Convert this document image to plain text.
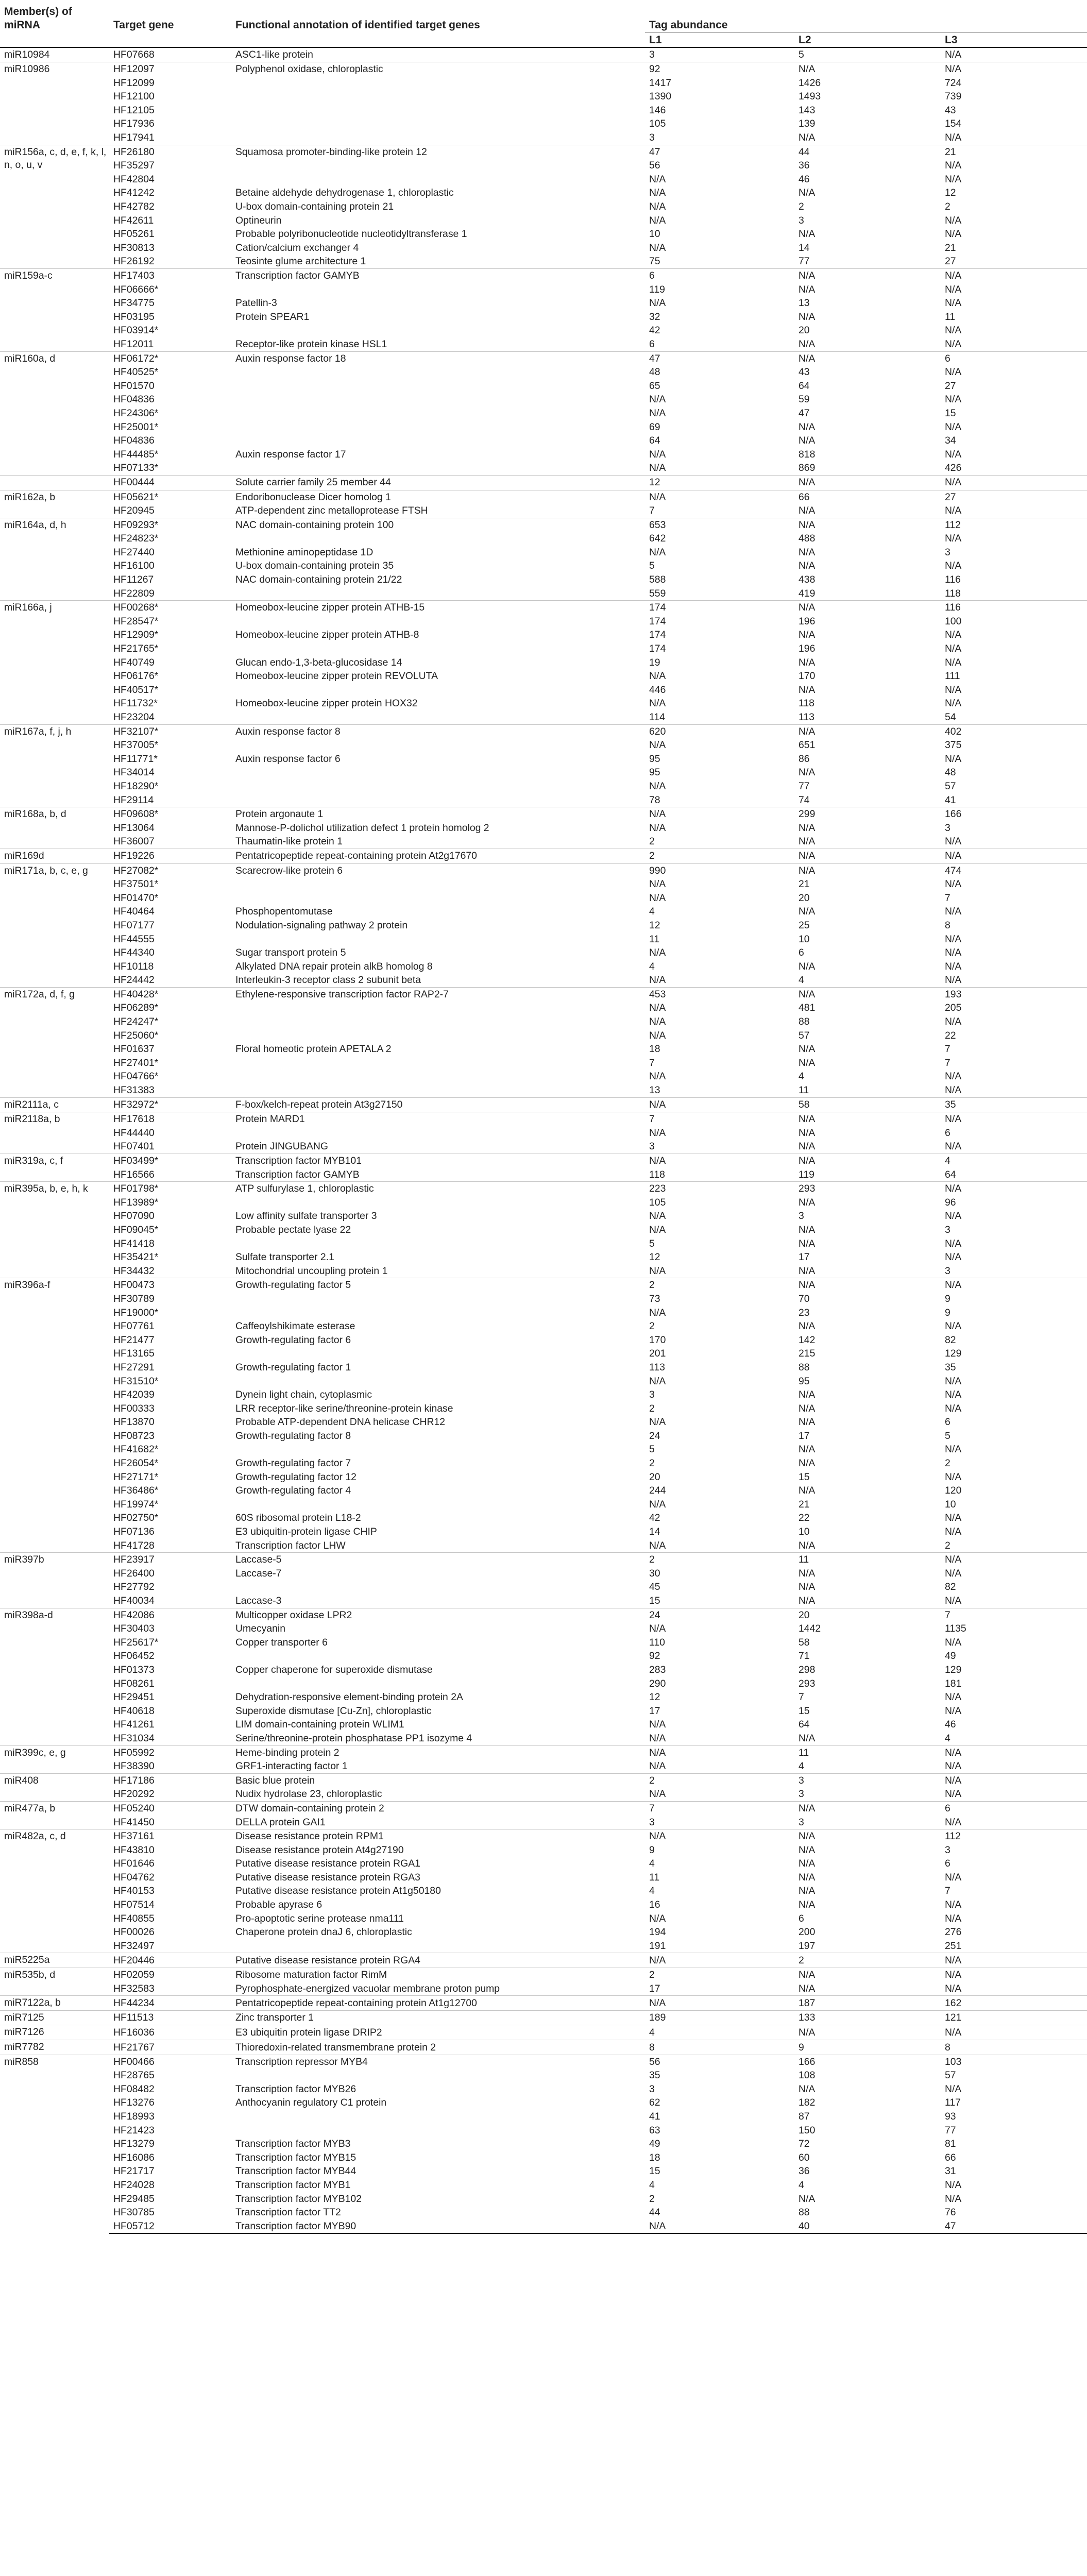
Member(s) of miRNA	Target gene	Functional annotation of identified target genes	Tag abundance		
			L1	L2	L3
miR10984	HF07668	ASC1-like protein	3	5	N/A
miR10986	HF12097	Polyphenol oxidase, chloroplastic	92	N/A	N/A
	HF12099		1417	1426	724
	HF12100		1390	1493	739
	HF12105		146	143	43
	HF17936		105	139	154
	HF17941		3	N/A	N/A
miR156a, c, d, e, f, k, l, n, o, u, v	HF26180	Squamosa promoter-binding-like protein 12	47	44	21
	HF35297		56	36	N/A
	HF42804		N/A	46	N/A
	HF41242	Betaine aldehyde dehydrogenase 1, chloroplastic	N/A	N/A	12
	HF42782	U-box domain-containing protein 21	N/A	2	2
	HF42611	Optineurin	N/A	3	N/A
	HF05261	Probable polyribonucleotide nucleotidyltransferase 1	10	N/A	N/A
	HF30813	Cation/calcium exchanger 4	N/A	14	21
	HF26192	Teosinte glume architecture 1	75	77	27
miR159a-c	HF17403	Transcription factor GAMYB	6	N/A	N/A
	HF06666*		119	N/A	N/A
	HF34775	Patellin-3	N/A	13	N/A
	HF03195	Protein SPEAR1	32	N/A	11
	HF03914*		42	20	N/A
	HF12011	Receptor-like protein kinase HSL1	6	N/A	N/A
miR160a, d	HF06172*	Auxin response factor 18	47	N/A	6
	HF40525*		48	43	N/A
	HF01570		65	64	27
	HF04836		N/A	59	N/A
	HF24306*		N/A	47	15
	HF25001*		69	N/A	N/A
	HF04836		64	N/A	34
	HF44485*	Auxin response factor 17	N/A	818	N/A
	HF07133*		N/A	869	426
	HF00444	Solute carrier family 25 member 44	12	N/A	N/A
miR162a, b	HF05621*	Endoribonuclease Dicer homolog 1	N/A	66	27
	HF20945	ATP-dependent zinc metalloprotease FTSH	7	N/A	N/A
miR164a, d, h	HF09293*	NAC domain-containing protein 100	653	N/A	112
	HF24823*		642	488	N/A
	HF27440	Methionine aminopeptidase 1D	N/A	N/A	3
	HF16100	U-box domain-containing protein 35	5	N/A	N/A
	HF11267	NAC domain-containing protein 21/22	588	438	116
	HF22809		559	419	118
miR166a, j	HF00268*	Homeobox-leucine zipper protein ATHB-15	174	N/A	116
	HF28547*		174	196	100
	HF12909*	Homeobox-leucine zipper protein ATHB-8	174	N/A	N/A
	HF21765*		174	196	N/A
	HF40749	Glucan endo-1,3-beta-glucosidase 14	19	N/A	N/A
	HF06176*	Homeobox-leucine zipper protein REVOLUTA	N/A	170	111
	HF40517*		446	N/A	N/A
	HF11732*	Homeobox-leucine zipper protein HOX32	N/A	118	N/A
	HF23204		114	113	54
miR167a, f, j, h	HF32107*	Auxin response factor 8	620	N/A	402
	HF37005*		N/A	651	375
	HF11771*	Auxin response factor 6	95	86	N/A
	HF34014		95	N/A	48
	HF18290*		N/A	77	57
	HF29114		78	74	41
miR168a, b, d	HF09608*	Protein argonaute 1	N/A	299	166
	HF13064	Mannose-P-dolichol utilization defect 1 protein homolog 2	N/A	N/A	3
	HF36007	Thaumatin-like protein 1	2	N/A	N/A
miR169d	HF19226	Pentatricopeptide repeat-containing protein At2g17670	2	N/A	N/A
miR171a, b, c, e, g	HF27082*	Scarecrow-like protein 6	990	N/A	474
	HF37501*		N/A	21	N/A
	HF01470*		N/A	20	7
	HF40464	Phosphopentomutase	4	N/A	N/A
	HF07177	Nodulation-signaling pathway 2 protein	12	25	8
	HF44555		11	10	N/A
	HF44340	Sugar transport protein 5	N/A	6	N/A
	HF10118	Alkylated DNA repair protein alkB homolog 8	4	N/A	N/A
	HF24442	Interleukin-3 receptor class 2 subunit beta	N/A	4	N/A
miR172a, d, f, g	HF40428*	Ethylene-responsive transcription factor RAP2-7	453	N/A	193
	HF06289*		N/A	481	205
	HF24247*		N/A	88	N/A
	HF25060*		N/A	57	22
	HF01637	Floral homeotic protein APETALA 2	18	N/A	7
	HF27401*		7	N/A	7
	HF04766*		N/A	4	N/A
	HF31383		13	11	N/A
miR2111a, c	HF32972*	F-box/kelch-repeat protein At3g27150	N/A	58	35
miR2118a, b	HF17618	Protein MARD1	7	N/A	N/A
	HF44440		N/A	N/A	6
	HF07401	Protein JINGUBANG	3	N/A	N/A
miR319a, c, f	HF03499*	Transcription factor MYB101	N/A	N/A	4
	HF16566	Transcription factor GAMYB	118	119	64
miR395a, b, e, h, k	HF01798*	ATP sulfurylase 1, chloroplastic	223	293	N/A
	HF13989*		105	N/A	96
	HF07090	Low affinity sulfate transporter 3	N/A	3	N/A
	HF09045*	Probable pectate lyase 22	N/A	N/A	3
	HF41418		5	N/A	N/A
	HF35421*	Sulfate transporter 2.1	12	17	N/A
	HF34432	Mitochondrial uncoupling protein 1	N/A	N/A	3
miR396a-f	HF00473	Growth-regulating factor 5	2	N/A	N/A
	HF30789		73	70	9
	HF19000*		N/A	23	9
	HF07761	Caffeoylshikimate esterase	2	N/A	N/A
	HF21477	Growth-regulating factor 6	170	142	82
	HF13165		201	215	129
	HF27291	Growth-regulating factor 1	113	88	35
	HF31510*		N/A	95	N/A
	HF42039	Dynein light chain, cytoplasmic	3	N/A	N/A
	HF00333	LRR receptor-like serine/threonine-protein kinase	2	N/A	N/A
	HF13870	Probable ATP-dependent DNA helicase CHR12	N/A	N/A	6
	HF08723	Growth-regulating factor 8	24	17	5
	HF41682*		5	N/A	N/A
	HF26054*	Growth-regulating factor 7	2	N/A	2
	HF27171*	Growth-regulating factor 12	20	15	N/A
	HF36486*	Growth-regulating factor 4	244	N/A	120
	HF19974*		N/A	21	10
	HF02750*	60S ribosomal protein L18-2	42	22	N/A
	HF07136	E3 ubiquitin-protein ligase CHIP	14	10	N/A
	HF41728	Transcription factor LHW	N/A	N/A	2
miR397b	HF23917	Laccase-5	2	11	N/A
	HF26400	Laccase-7	30	N/A	N/A
	HF27792		45	N/A	82
	HF40034	Laccase-3	15	N/A	N/A
miR398a-d	HF42086	Multicopper oxidase LPR2	24	20	7
	HF30403	Umecyanin	N/A	1442	1135
	HF25617*	Copper transporter 6	110	58	N/A
	HF06452		92	71	49
	HF01373	Copper chaperone for superoxide dismutase	283	298	129
	HF08261		290	293	181
	HF29451	Dehydration-responsive element-binding protein 2A	12	7	N/A
	HF40618	Superoxide dismutase [Cu-Zn], chloroplastic	17	15	N/A
	HF41261	LIM domain-containing protein WLIM1	N/A	64	46
	HF31034	Serine/threonine-protein phosphatase PP1 isozyme 4	N/A	N/A	4
miR399c, e, g	HF05992	Heme-binding protein 2	N/A	11	N/A
	HF38390	GRF1-interacting factor 1	N/A	4	N/A
miR408	HF17186	Basic blue protein	2	3	N/A
	HF20292	Nudix hydrolase 23, chloroplastic	N/A	3	N/A
miR477a, b	HF05240	DTW domain-containing protein 2	7	N/A	6
	HF41450	DELLA protein GAI1	3	3	N/A
miR482a, c, d	HF37161	Disease resistance protein RPM1	N/A	N/A	112
	HF43810	Disease resistance protein At4g27190	9	N/A	3
	HF01646	Putative disease resistance protein RGA1	4	N/A	6
	HF04762	Putative disease resistance protein RGA3	11	N/A	N/A
	HF40153	Putative disease resistance protein At1g50180	4	N/A	7
	HF07514	Probable apyrase 6	16	N/A	N/A
	HF40855	Pro-apoptotic serine protease nma111	N/A	6	N/A
	HF00026	Chaperone protein dnaJ 6, chloroplastic	194	200	276
	HF32497		191	197	251
miR5225a	HF20446	Putative disease resistance protein RGA4	N/A	2	N/A
miR535b, d	HF02059	Ribosome maturation factor RimM	2	N/A	N/A
	HF32583	Pyrophosphate-energized vacuolar membrane proton pump	17	N/A	N/A
miR7122a, b	HF44234	Pentatricopeptide repeat-containing protein At1g12700	N/A	187	162
miR7125	HF11513	Zinc transporter 1	189	133	121
miR7126	HF16036	E3 ubiquitin protein ligase DRIP2	4	N/A	N/A
miR7782	HF21767	Thioredoxin-related transmembrane protein 2	8	9	8
miR858	HF00466	Transcription repressor MYB4	56	166	103
	HF28765		35	108	57
	HF08482	Transcription factor MYB26	3	N/A	N/A
	HF13276	Anthocyanin regulatory C1 protein	62	182	117
	HF18993		41	87	93
	HF21423		63	150	77
	HF13279	Transcription factor MYB3	49	72	81
	HF16086	Transcription factor MYB15	18	60	66
	HF21717	Transcription factor MYB44	15	36	31
	HF24028	Transcription factor MYB1	4	4	N/A
	HF29485	Transcription factor MYB102	2	N/A	N/A
	HF30785	Transcription factor TT2	44	88	76
	HF05712	Transcription factor MYB90	N/A	40	47
